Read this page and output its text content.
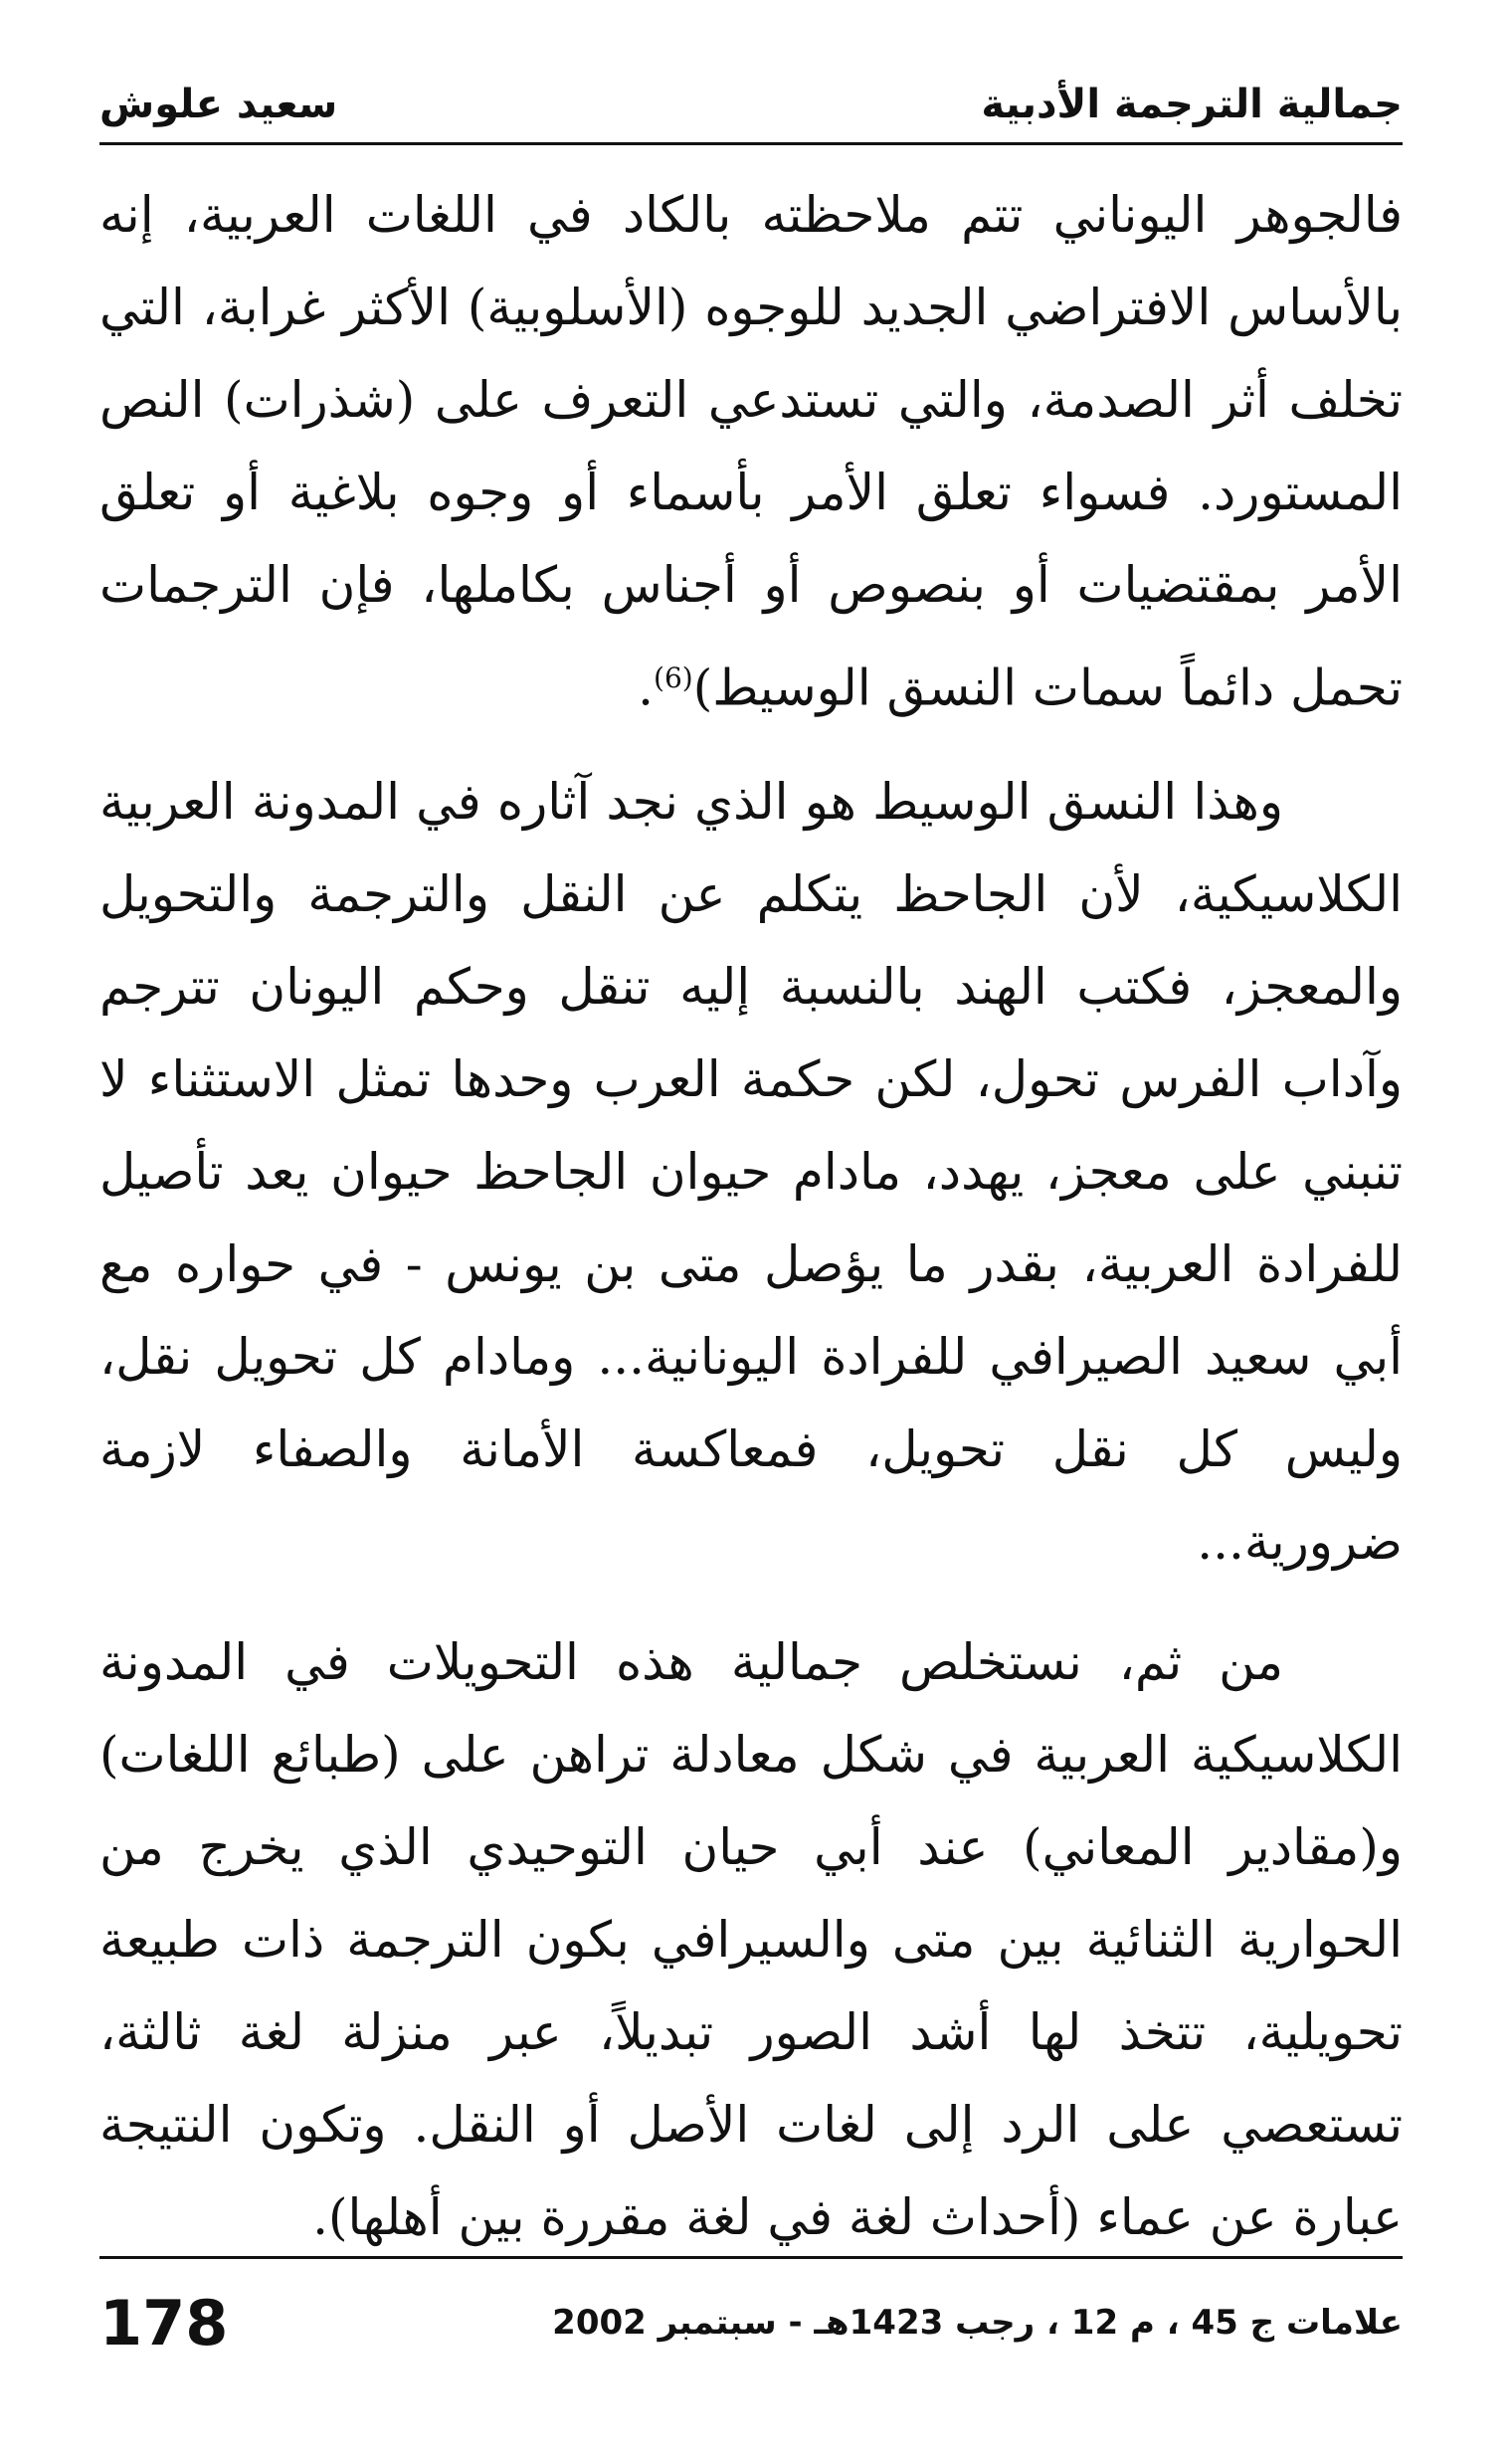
جمالية الترجمة الأدبية
سعيد علوش

فالجوهر اليوناني تتم ملاحظته بالكاد في اللغات العربية، إنه بالأساس الافتراضي الجديد للوجوه (الأسلوبية) الأكثر غرابة، التي تخلف أثر الصدمة، والتي تستدعي التعرف على (شذرات) النص المستورد. فسواء تعلق الأمر بأسماء أو وجوه بلاغية أو تعلق الأمر بمقتضيات أو بنصوص أو أجناس بكاملها، فإن الترجمات تحمل دائماً سمات النسق الوسيط)$^{(6)}$.

وهذا النسق الوسيط هو الذي نجد آثاره في المدونة العربية الكلاسيكية، لأن الجاحظ يتكلم عن النقل والترجمة والتحويل والمعجز، فكتب الهند بالنسبة إليه تنقل وحكم اليونان تترجم وآداب الفرس تحول، لكن حكمة العرب وحدها تمثل الاستثناء لا تنبني على معجز، يهدد، مادام حيوان الجاحظ حيوان يعد تأصيل للفرادة العربية، بقدر ما يؤصل متى بن يونس - في حواره مع أبي سعيد الصيرافي للفرادة اليونانية... ومادام كل تحويل نقل، وليس كل نقل تحويل، فمعاكسة الأمانة والصفاء لازمة ضرورية...

من ثم، نستخلص جمالية هذه التحويلات في المدونة الكلاسيكية العربية في شكل معادلة تراهن على (طبائع اللغات) و(مقادير المعاني) عند أبي حيان التوحيدي الذي يخرج من الحوارية الثنائية بين متى والسيرافي بكون الترجمة ذات طبيعة تحويلية، تتخذ لها أشد الصور تبديلاً، عبر منزلة لغة ثالثة، تستعصي على الرد إلى لغات الأصل أو النقل. وتكون النتيجة عبارة عن عماء (أحداث لغة في لغة مقررة بين أهلها).

178	علامات ج 45 ، م 12 ، رجب 1423هـ - سبتمبر 2002
